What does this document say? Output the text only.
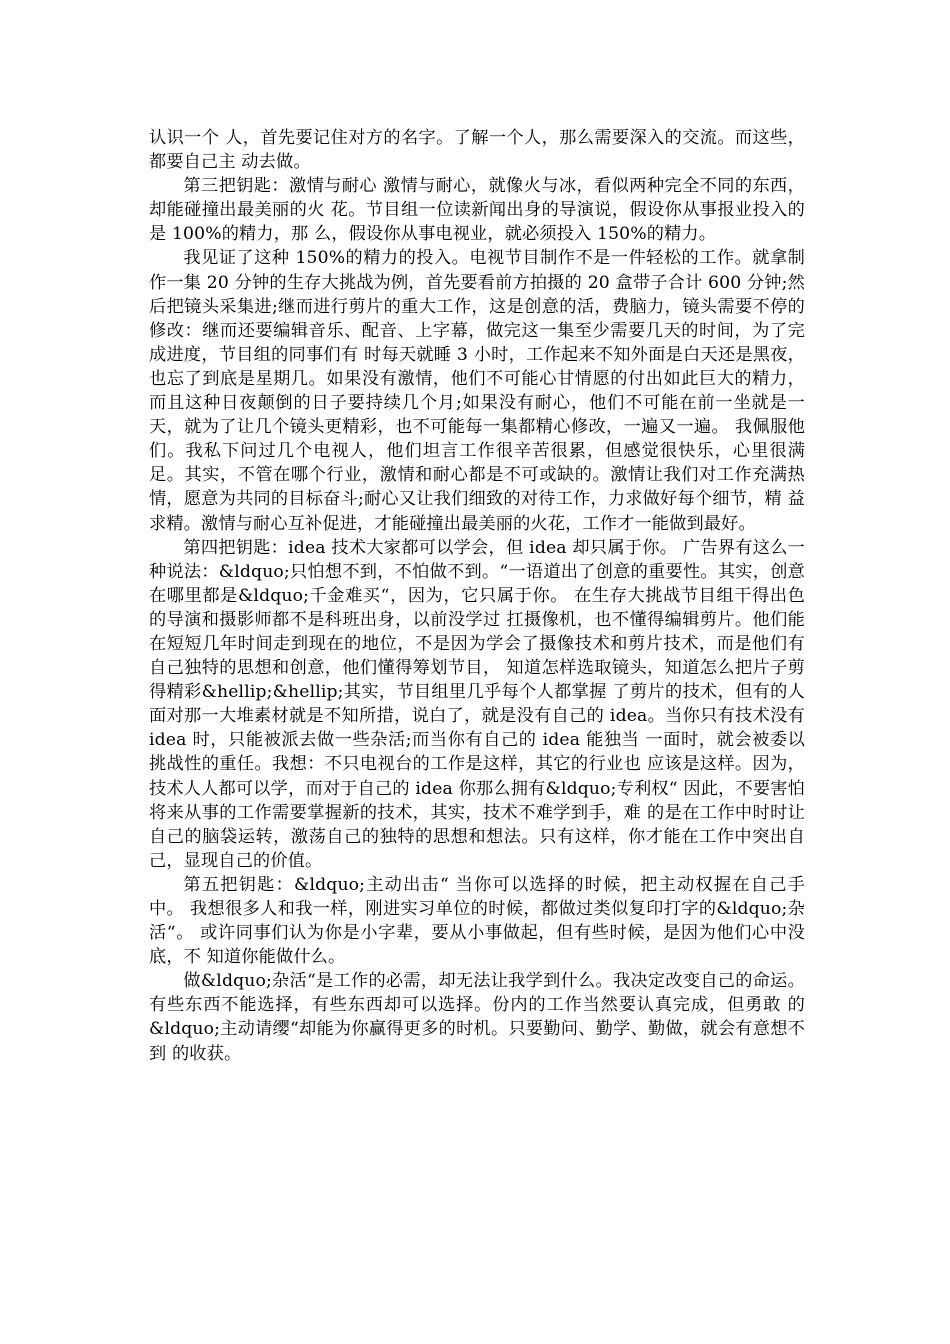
认识一个 人，首先要记住对方的名字。了解一个人，那么需要深入的交流。而这些，都要自己主 动去做。

第三把钥匙：激情与耐心 激情与耐心，就像火与冰，看似两种完全不同的东西，却能碰撞出最美丽的火 花。节目组一位读新闻出身的导演说，假设你从事报业投入的是 100%的精力，那 么，假设你从事电视业，就必须投入 150%的精力。

我见证了这种 150%的精力的投入。电视节目制作不是一件轻松的工作。就拿制作一集 20 分钟的生存大挑战为例，首先要看前方拍摄的 20 盒带子合计 600 分钟;然后把镜头采集进;继而进行剪片的重大工作，这是创意的活，费脑力，镜头需要不停的修改：继而还要编辑音乐、配音、上字幕，做完这一集至少需要几天的时间，为了完成进度，节目组的同事们有 时每天就睡 3 小时，工作起来不知外面是白天还是黑夜，也忘了到底是星期几。如果没有激情，他们不可能心甘情愿的付出如此巨大的精力，而且这种日夜颠倒的日子要持续几个月;如果没有耐心，他们不可能在前一坐就是一天，就为了让几个镜头更精彩，也不可能每一集都精心修改，一遍又一遍。 我佩服他们。我私下问过几个电视人，他们坦言工作很辛苦很累，但感觉很快乐，心里很满足。其实，不管在哪个行业，激情和耐心都是不可或缺的。激情让我们对工作充满热 情，愿意为共同的目标奋斗;耐心又让我们细致的对待工作，力求做好每个细节，精 益求精。激情与耐心互补促进，才能碰撞出最美丽的火花，工作才一能做到最好。

第四把钥匙：idea 技术大家都可以学会，但 idea 却只属于你。 广告界有这么一种说法：&ldquo;只怕想不到，不怕做不到。“一语道出了创意的重要性。其实，创意在哪里都是&ldquo;千金难买“，因为，它只属于你。 在生存大挑战节目组干得出色的导演和摄影师都不是科班出身，以前没学过 扛摄像机，也不懂得编辑剪片。他们能在短短几年时间走到现在的地位，不是因为学会了摄像技术和剪片技术，而是他们有自己独特的思想和创意，他们懂得筹划节目， 知道怎样选取镜头，知道怎么把片子剪得精彩&hellip;&hellip;其实，节目组里几乎每个人都掌握 了剪片的技术，但有的人面对那一大堆素材就是不知所措，说白了，就是没有自己的 idea。当你只有技术没有 idea 时，只能被派去做一些杂活;而当你有自己的 idea 能独当 一面时，就会被委以挑战性的重任。我想：不只电视台的工作是这样，其它的行业也 应该是这样。因为，技术人人都可以学，而对于自己的 idea 你那么拥有&ldquo;专利权“ 因此，不要害怕将来从事的工作需要掌握新的技术，其实，技术不难学到手，难 的是在工作中时时让自己的脑袋运转，激荡自己的独特的思想和想法。只有这样，你才能在工作中突出自己，显现自己的价值。

第五把钥匙：&ldquo;主动出击“ 当你可以选择的时候，把主动权握在自己手中。 我想很多人和我一样，刚进实习单位的时候，都做过类似复印打字的&ldquo;杂活“。 或许同事们认为你是小字辈，要从小事做起，但有些时候，是因为他们心中没底，不 知道你能做什么。

做&ldquo;杂活“是工作的必需，却无法让我学到什么。我决定改变自己的命运。 有些东西不能选择，有些东西却可以选择。份内的工作当然要认真完成，但勇敢 的&ldquo;主动请缨“却能为你赢得更多的时机。只要勤问、勤学、勤做，就会有意想不到 的收获。
